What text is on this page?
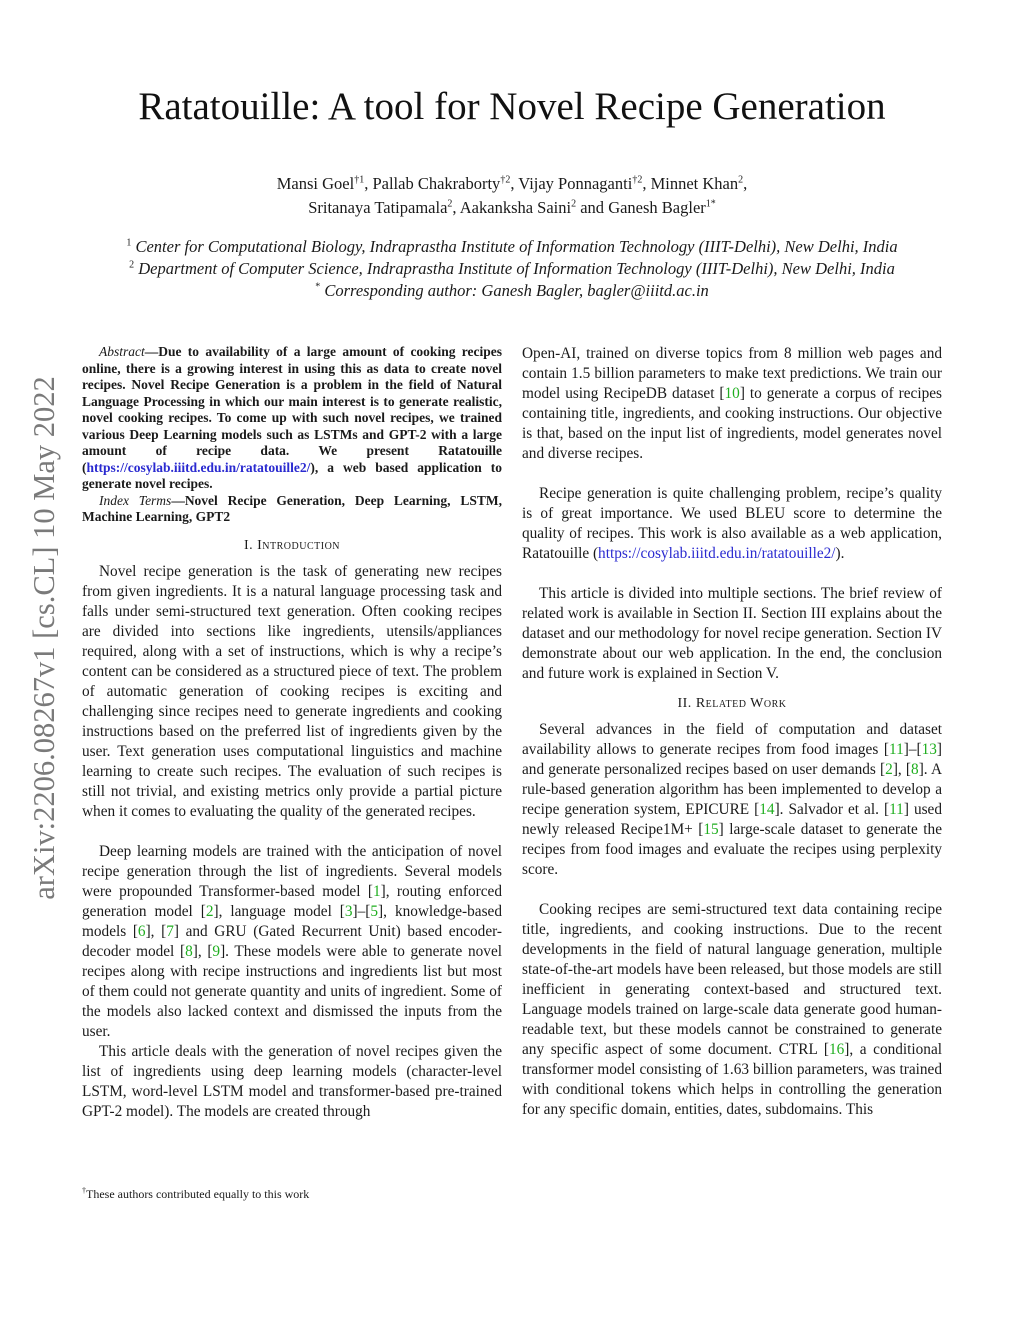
Ratatouille: A tool for Novel Recipe Generation
Mansi Goel$^{\dagger 1}$, Pallab Chakraborty$^{\dagger 2}$, Vijay Ponnaganti$^{\dagger 2}$, Minnet Khan$^2$,
Sritanaya Tatipamala$^2$, Aakanksha Saini$^2$ and Ganesh Bagler$^{1*}$
$^1$ Center for Computational Biology, Indraprastha Institute of Information Technology (IIIT-Delhi), New Delhi, India
$^2$ Department of Computer Science, Indraprastha Institute of Information Technology (IIIT-Delhi), New Delhi, India
* Corresponding author: Ganesh Bagler, bagler@iiitd.ac.in
arXiv:2206.08267v1 [cs.CL] 10 May 2022

Abstract—Due to availability of a large amount of cooking recipes online, there is a growing interest in using this as data to create novel recipes. Novel Recipe Generation is a problem in the field of Natural Language Processing in which our main interest is to generate realistic, novel cooking recipes. To come up with such novel recipes, we trained various Deep Learning models such as LSTMs and GPT-2 with a large amount of recipe data. We present Ratatouille (https://cosylab.iiitd.edu.in/ratatouille2/), a web based application to generate novel recipes.

Index Terms—Novel Recipe Generation, Deep Learning, LSTM, Machine Learning, GPT2

I. Introduction

Novel recipe generation is the task of generating new recipes from given ingredients. It is a natural language processing task and falls under semi-structured text generation. Often cooking recipes are divided into sections like ingredients, utensils/appliances required, along with a set of instructions, which is why a recipe’s content can be considered as a structured piece of text. The problem of automatic generation of cooking recipes is exciting and challenging since recipes need to generate ingredients and cooking instructions based on the preferred list of ingredients given by the user. Text generation uses computational linguistics and machine learning to create such recipes. The evaluation of such recipes is still not trivial, and existing metrics only provide a partial picture when it comes to evaluating the quality of the generated recipes.

Deep learning models are trained with the anticipation of novel recipe generation through the list of ingredients. Several models were propounded Transformer-based model [1], routing enforced generation model [2], language model [3]–[5], knowledge-based models [6], [7] and GRU (Gated Recurrent Unit) based encoder-decoder model [8], [9]. These models were able to generate novel recipes along with recipe instructions and ingredients list but most of them could not generate quantity and units of ingredient. Some of the models also lacked context and dismissed the inputs from the user.

This article deals with the generation of novel recipes given the list of ingredients using deep learning models (character-level LSTM, word-level LSTM model and transformer-based pre-trained GPT-2 model). The models are created through

†These authors contributed equally to this work

Open-AI, trained on diverse topics from 8 million web pages and contain 1.5 billion parameters to make text predictions. We train our model using RecipeDB dataset [10] to generate a corpus of recipes containing title, ingredients, and cooking instructions. Our objective is that, based on the input list of ingredients, model generates novel and diverse recipes.

Recipe generation is quite challenging problem, recipe’s quality is of great importance. We used BLEU score to determine the quality of recipes. This work is also available as a web application, Ratatouille (https://cosylab.iiitd.edu.in/ratatouille2/).

This article is divided into multiple sections. The brief review of related work is available in Section II. Section III explains about the dataset and our methodology for novel recipe generation. Section IV demonstrate about our web application. In the end, the conclusion and future work is explained in Section V.

II. Related Work

Several advances in the field of computation and dataset availability allows to generate recipes from food images [11]–[13] and generate personalized recipes based on user demands [2], [8]. A rule-based generation algorithm has been implemented to develop a recipe generation system, EPICURE [14]. Salvador et al. [11] used newly released Recipe1M+ [15] large-scale dataset to generate the recipes from food images and evaluate the recipes using perplexity score.

Cooking recipes are semi-structured text data containing recipe title, ingredients, and cooking instructions. Due to the recent developments in the field of natural language generation, multiple state-of-the-art models have been released, but those models are still inefficient in generating context-based and structured text. Language models trained on large-scale data generate good human-readable text, but these models cannot be constrained to generate any specific aspect of some document. CTRL [16], a conditional transformer model consisting of 1.63 billion parameters, was trained with conditional tokens which helps in controlling the generation for any specific domain, entities, dates, subdomains. This
